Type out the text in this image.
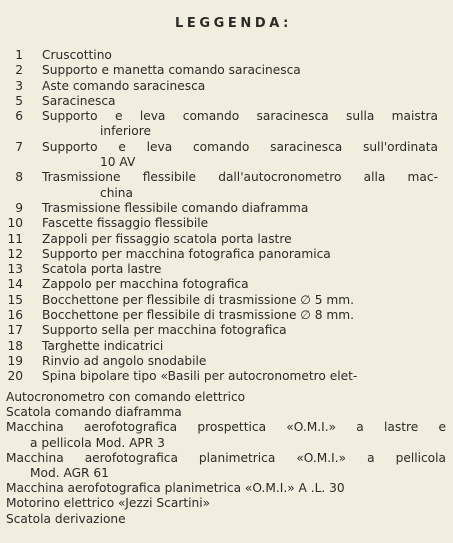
LEGGENDA:
1 Cruscottino
2 Supporto e manetta comando saracinesca
3 Aste comando saracinesca
5 Saracinesca
6 Supporto e leva comando saracinesca sulla maistra
inferiore
7 Supporto e leva comando saracinesca sull'ordinata
10 AV
8 Trasmissione flessibile dall'autocronometro alla mac-
china
9 Trasmissione flessibile comando diaframma
10 Fascette fissaggio flessibile
11 Zappoli per fissaggio scatola porta lastre
12 Supporto per macchina fotografica panoramica
13 Scatola porta lastre
14 Zappolo per macchina fotografica
15 Bocchettone per flessibile di trasmissione ∅ 5 mm.
16 Bocchettone per flessibile di trasmissione ∅ 8 mm.
17 Supporto sella per macchina fotografica
18 Targhette indicatrici
19 Rinvio ad angolo snodabile
20 Spina bipolare tipo «Basili per autocronometro elet-
Autocronometro con comando elettrico
Scatola comando diaframma
Macchina aerofotografica prospettica «O.M.I.» a lastre e
a pellicola Mod. APR 3
Macchina aerofotografica planimetrica «O.M.I.» a pellicola
Mod. AGR 61
Macchina aerofotografica planimetrica «O.M.I.» A .L. 30
Motorino elettrico «Jezzi Scartini»
Scatola derivazione
